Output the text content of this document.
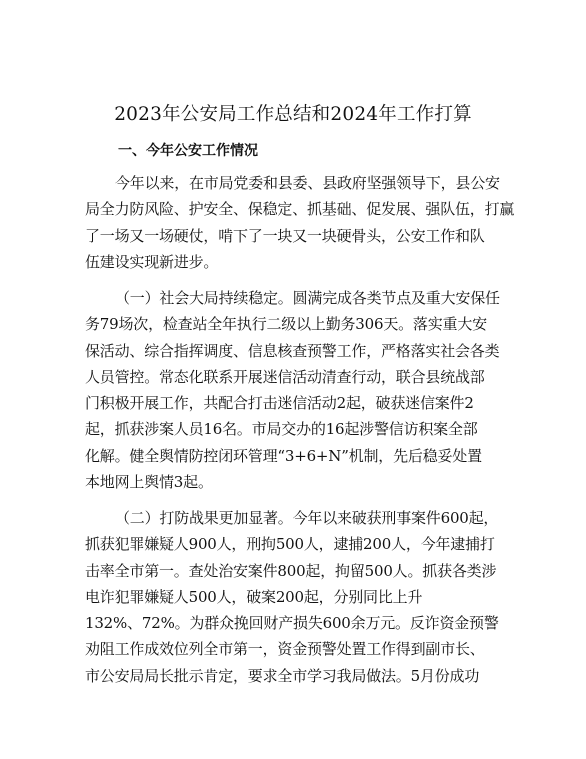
2023年公安局工作总结和2024年工作打算
一、今年公安工作情况
今年以来，在市局党委和县委、县政府坚强领导下，县公安
局全力防风险、护安全、保稳定、抓基础、促发展、强队伍，打赢
了一场又一场硬仗，啃下了一块又一块硬骨头，公安工作和队
伍建设实现新进步。
（一）社会大局持续稳定。圆满完成各类节点及重大安保任
务79场次，检查站全年执行二级以上勤务306天。落实重大安
保活动、综合指挥调度、信息核查预警工作，严格落实社会各类
人员管控。常态化联系开展迷信活动清查行动，联合县统战部
门积极开展工作，共配合打击迷信活动2起，破获迷信案件2
起，抓获涉案人员16名。市局交办的16起涉警信访积案全部
化解。健全舆情防控闭环管理“3+6+N”机制，先后稳妥处置
本地网上舆情3起。
（二）打防战果更加显著。今年以来破获刑事案件600起，
抓获犯罪嫌疑人900人，刑拘500人，逮捕200人，今年逮捕打
击率全市第一。查处治安案件800起，拘留500人。抓获各类涉
电诈犯罪嫌疑人500人，破案200起，分别同比上升
132%、72%。为群众挽回财产损失600余万元。反诈资金预警
劝阻工作成效位列全市第一，资金预警处置工作得到副市长、
市公安局局长批示肯定，要求全市学习我局做法。5月份成功
